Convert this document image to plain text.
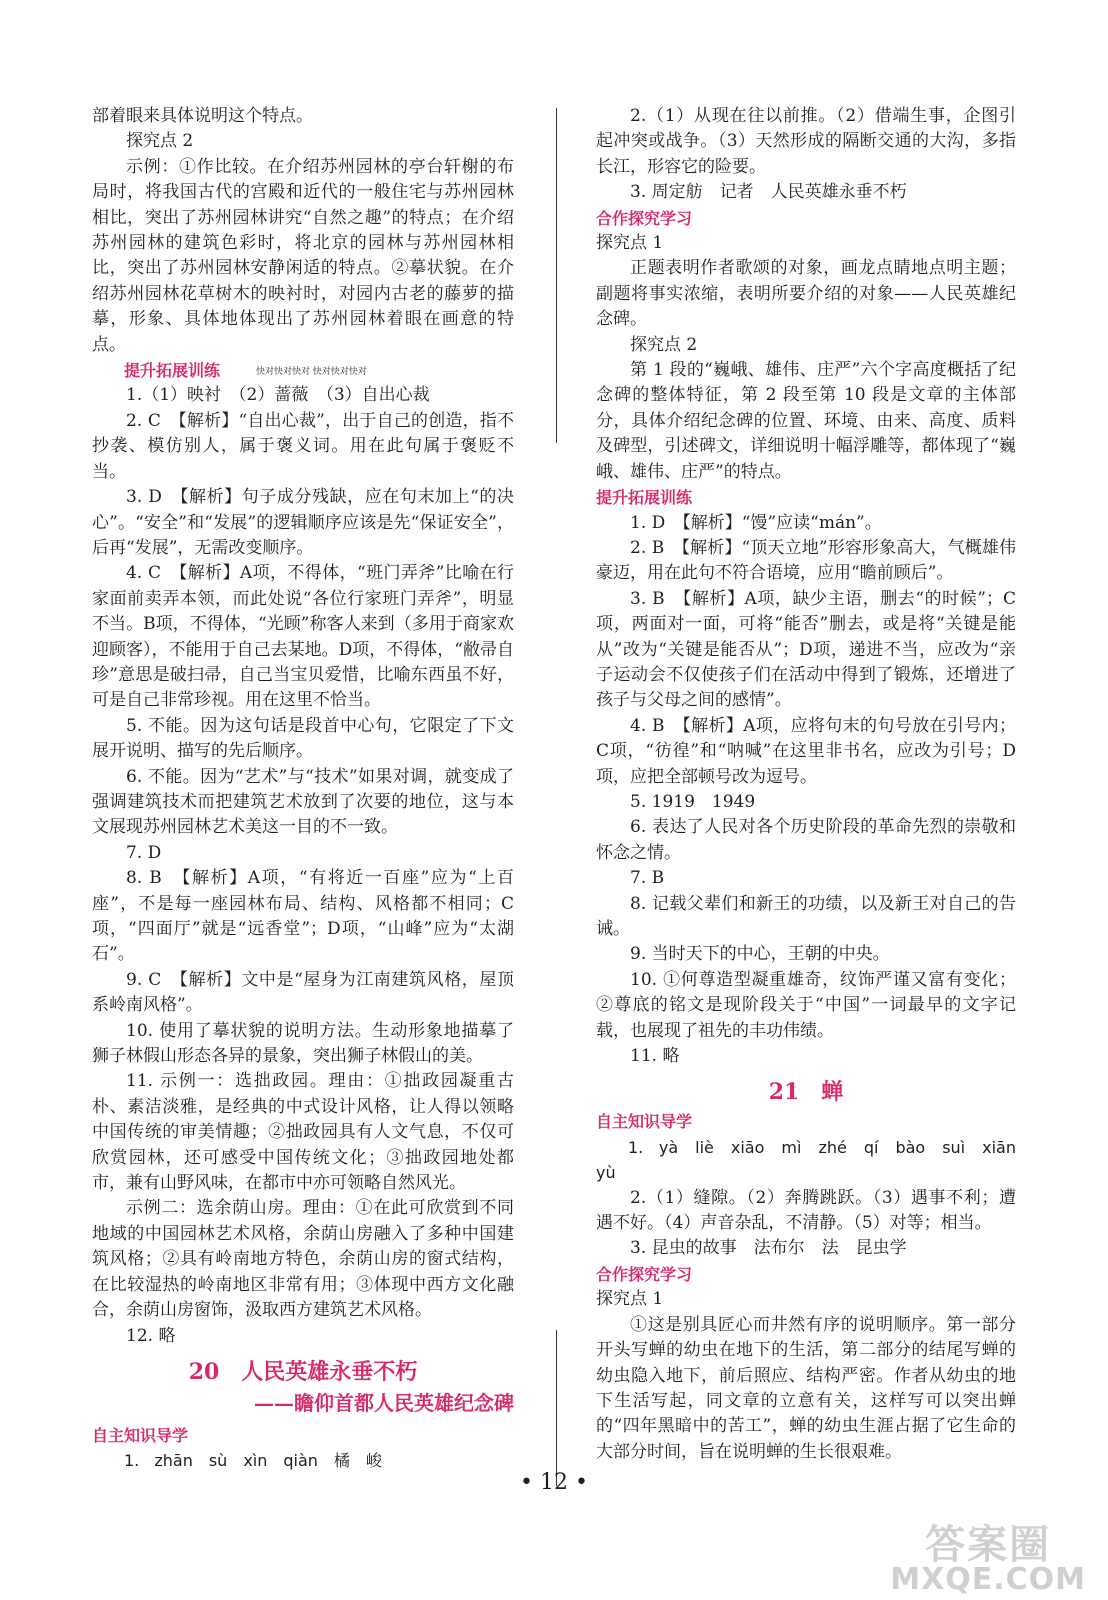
部着眼来具体说明这个特点。

探究点 2

示例：①作比较。在介绍苏州园林的亭台轩榭的布局时，将我国古代的宫殿和近代的一般住宅与苏州园林相比，突出了苏州园林讲究“自然之趣”的特点；在介绍苏州园林的建筑色彩时，将北京的园林与苏州园林相比，突出了苏州园林安静闲适的特点。②摹状貌。在介绍苏州园林花草树木的映衬时，对园内古老的藤萝的描摹，形象、具体地体现出了苏州园林着眼在画意的特点。

提升拓展训练	快对快对快对 快对快对快对

1.（1）映衬　（2）蔷薇　（3）自出心裁

2. C　【解析】“自出心裁”，出于自己的创造，指不抄袭、模仿别人，属于褒义词。用在此句属于褒贬不当。

3. D　【解析】句子成分残缺，应在句末加上“的决心”。“安全”和“发展”的逻辑顺序应该是先“保证安全”，后再“发展”，无需改变顺序。

4. C　【解析】A项，不得体，“班门弄斧”比喻在行家面前卖弄本领，而此处说“各位行家班门弄斧”，明显不当。B项，不得体，“光顾”称客人来到（多用于商家欢迎顾客），不能用于自己去某地。D项，不得体，“敝帚自珍”意思是破扫帚，自己当宝贝爱惜，比喻东西虽不好，可是自己非常珍视。用在这里不恰当。

5. 不能。因为这句话是段首中心句，它限定了下文展开说明、描写的先后顺序。

6. 不能。因为“艺术”与“技术”如果对调，就变成了强调建筑技术而把建筑艺术放到了次要的地位，这与本文展现苏州园林艺术美这一目的不一致。

7. D

8. B　【解析】A项，“有将近一百座”应为“上百座”，不是每一座园林布局、结构、风格都不相同；C项，“四面厅”就是“远香堂”；D项，“山峰”应为“太湖石”。

9. C　【解析】文中是“屋身为江南建筑风格，屋顶系岭南风格”。

10. 使用了摹状貌的说明方法。生动形象地描摹了狮子林假山形态各异的景象，突出狮子林假山的美。

11. 示例一：选拙政园。理由：①拙政园凝重古朴、素洁淡雅，是经典的中式设计风格，让人得以领略中国传统的审美情趣；②拙政园具有人文气息，不仅可欣赏园林，还可感受中国传统文化；③拙政园地处都市，兼有山野风味，在都市中亦可领略自然风光。

示例二：选余荫山房。理由：①在此可欣赏到不同地域的中国园林艺术风格，余荫山房融入了多种中国建筑风格；②具有岭南地方特色，余荫山房的窗式结构，在比较湿热的岭南地区非常有用；③体现中西方文化融合，余荫山房窗饰，汲取西方建筑艺术风格。

12. 略

20　人民英雄永垂不朽

——瞻仰首都人民英雄纪念碑

自主知识导学

1. zhān　sù　xìn　qiàn　橘　峻

2.（1）从现在往以前推。（2）借端生事，企图引起冲突或战争。（3）天然形成的隔断交通的大沟，多指长江，形容它的险要。

3. 周定舫　记者　人民英雄永垂不朽

合作探究学习

探究点 1

正题表明作者歌颂的对象，画龙点睛地点明主题；副题将事实浓缩，表明所要介绍的对象——人民英雄纪念碑。

探究点 2

第 1 段的“巍峨、雄伟、庄严”六个字高度概括了纪念碑的整体特征，第 2 段至第 10 段是文章的主体部分，具体介绍纪念碑的位置、环境、由来、高度、质料及碑型，引述碑文，详细说明十幅浮雕等，都体现了“巍峨、雄伟、庄严”的特点。

提升拓展训练

1. D　【解析】“馒”应读“mán”。

2. B　【解析】“顶天立地”形容形象高大，气概雄伟豪迈，用在此句不符合语境，应用“瞻前顾后”。

3. B　【解析】A项，缺少主语，删去“的时候”；C项，两面对一面，可将“能否”删去，或是将“关键是能从”改为“关键是能否从”；D项，递进不当，应改为“亲子运动会不仅使孩子们在活动中得到了锻炼，还增进了孩子与父母之间的感情”。

4. B　【解析】A项，应将句末的句号放在引号内；C项，“彷徨”和“呐喊”在这里非书名，应改为引号；D项，应把全部顿号改为逗号。

5. 1919　1949

6. 表达了人民对各个历史阶段的革命先烈的崇敬和怀念之情。

7. B

8. 记载父辈们和新王的功绩，以及新王对自己的告诫。

9. 当时天下的中心，王朝的中央。

10. ①何尊造型凝重雄奇，纹饰严谨又富有变化；②尊底的铭文是现阶段关于“中国”一词最早的文字记载，也展现了祖先的丰功伟绩。

11. 略

21　蝉

自主知识导学

1. yà　liè　xiāo　mì　zhé　qí　bào　suì　xiān　yù

2.（1）缝隙。（2）奔腾跳跃。（3）遇事不利；遭遇不好。（4）声音杂乱，不清静。（5）对等；相当。

3. 昆虫的故事　法布尔　法　昆虫学

合作探究学习

探究点 1

①这是别具匠心而井然有序的说明顺序。第一部分开头写蝉的幼虫在地下的生活，第二部分的结尾写蝉的幼虫隐入地下，前后照应、结构严密。作者从幼虫的地下生活写起，同文章的立意有关，这样写可以突出蝉的“四年黑暗中的苦工”，蝉的幼虫生涯占据了它生命的大部分时间，旨在说明蝉的生长很艰难。

• 12 •
答案圈
MXQE.COM
